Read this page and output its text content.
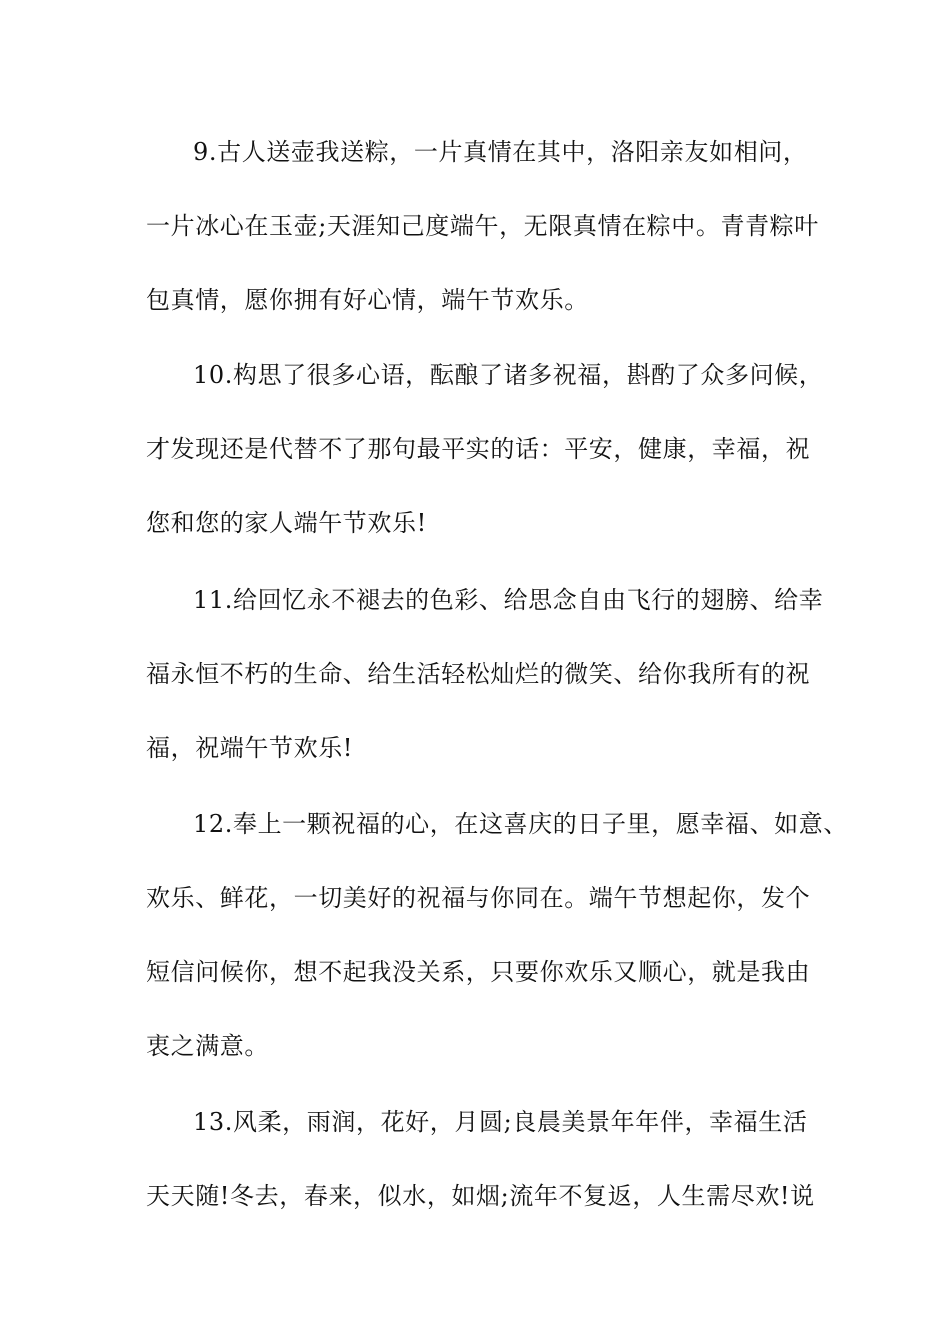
9.古人送壶我送粽，一片真情在其中，洛阳亲友如相问，
一片冰心在玉壶;天涯知己度端午，无限真情在粽中。青青粽叶
包真情，愿你拥有好心情，端午节欢乐。
10.构思了很多心语，酝酿了诸多祝福，斟酌了众多问候，
才发现还是代替不了那句最平实的话：平安，健康，幸福，祝
您和您的家人端午节欢乐!
11.给回忆永不褪去的色彩、给思念自由飞行的翅膀、给幸
福永恒不朽的生命、给生活轻松灿烂的微笑、给你我所有的祝
福，祝端午节欢乐!
12.奉上一颗祝福的心，在这喜庆的日子里，愿幸福、如意、
欢乐、鲜花，一切美好的祝福与你同在。端午节想起你，发个
短信问候你，想不起我没关系，只要你欢乐又顺心，就是我由
衷之满意。
13.风柔，雨润，花好，月圆;良晨美景年年伴，幸福生活
天天随!冬去，春来，似水，如烟;流年不复返，人生需尽欢!说
